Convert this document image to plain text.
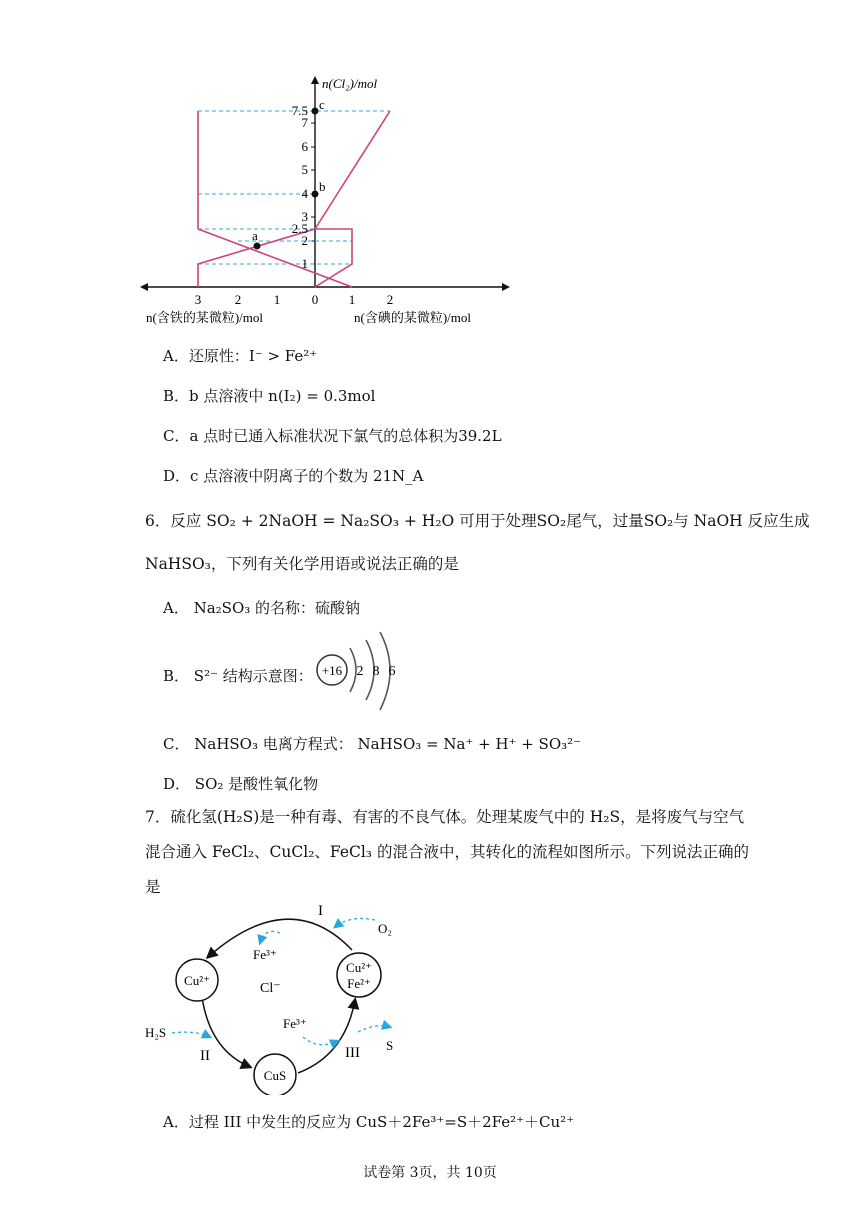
a
b
c
1
2
2.5
3
4
5
6
7
7.5
n(Cl₂)/mol
3	2	1 0 1 2
n(含铁的某微粒)/mol	n(含碘的某微粒)/mol
A．还原性：I⁻ > Fe²⁺
B．b 点溶液中 n(I₂) = 0.3mol
C．a 点时已通入标准状况下氯气的总体积为39.2L
D．c 点溶液中阴离子的个数为 21N_A
6．反应 SO₂ + 2NaOH = Na₂SO₃ + H₂O 可用于处理SO₂尾气，过量SO₂与 NaOH 反应生成
NaHSO₃，下列有关化学用语或说法正确的是
A． Na₂SO₃ 的名称：硫酸钠
B． S²⁻ 结构示意图： +16 2 8 6
C． NaHSO₃ 电离方程式： NaHSO₃ = Na⁺ + H⁺ + SO₃²⁻
D． SO₂ 是酸性氧化物
7．硫化氢(H₂S)是一种有毒、有害的不良气体。处理某废气中的 H₂S，是将废气与空气
混合通入 FeCl₂、CuCl₂、FeCl₃ 的混合液中，其转化的流程如图所示。下列说法正确的
是
Cu²⁺
Cu²⁺
Fe²⁺
CuS
Fe³⁺
Cl⁻
I
II	III
O₂
H₂S
Fe³⁺
S
A．过程 III 中发生的反应为 CuS＋2Fe³⁺=S＋2Fe²⁺＋Cu²⁺
试卷第 3页，共 10页
